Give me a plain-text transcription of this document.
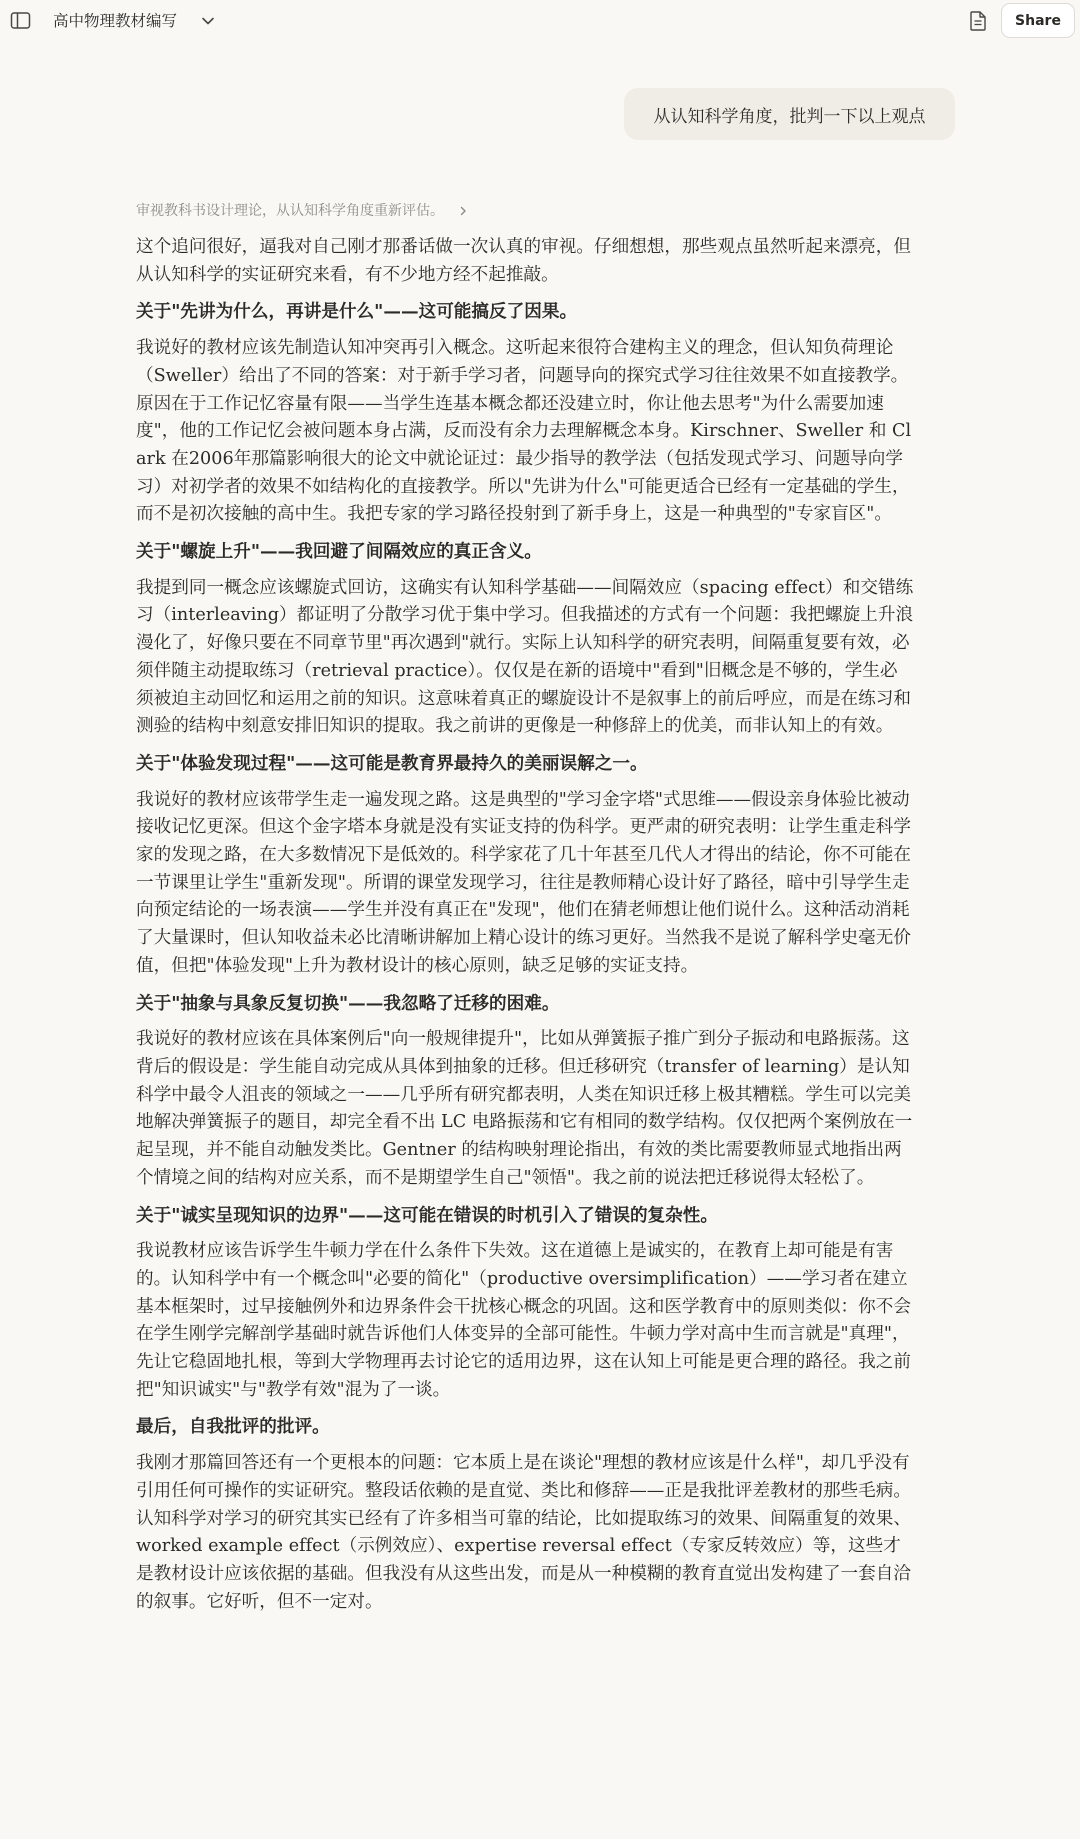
高中物理教材编写	Share
从认知科学角度，批判一下以上观点
审视教科书设计理论，从认知科学角度重新评估。

这个追问很好，逼我对自己刚才那番话做一次认真的审视。仔细想想，那些观点虽然听起来漂亮，但从认知科学的实证研究来看，有不少地方经不起推敲。

关于"先讲为什么，再讲是什么"——这可能搞反了因果。

我说好的教材应该先制造认知冲突再引入概念。这听起来很符合建构主义的理念，但认知负荷理论（Sweller）给出了不同的答案：对于新手学习者，问题导向的探究式学习往往效果不如直接教学。原因在于工作记忆容量有限——当学生连基本概念都还没建立时，你让他去思考"为什么需要加速度"，他的工作记忆会被问题本身占满，反而没有余力去理解概念本身。Kirschner、Sweller 和 Clark 在2006年那篇影响很大的论文中就论证过：最少指导的教学法（包括发现式学习、问题导向学习）对初学者的效果不如结构化的直接教学。所以"先讲为什么"可能更适合已经有一定基础的学生，而不是初次接触的高中生。我把专家的学习路径投射到了新手身上，这是一种典型的"专家盲区"。

关于"螺旋上升"——我回避了间隔效应的真正含义。

我提到同一概念应该螺旋式回访，这确实有认知科学基础——间隔效应（spacing effect）和交错练习（interleaving）都证明了分散学习优于集中学习。但我描述的方式有一个问题：我把螺旋上升浪漫化了，好像只要在不同章节里"再次遇到"就行。实际上认知科学的研究表明，间隔重复要有效，必须伴随主动提取练习（retrieval practice）。仅仅是在新的语境中"看到"旧概念是不够的，学生必须被迫主动回忆和运用之前的知识。这意味着真正的螺旋设计不是叙事上的前后呼应，而是在练习和测验的结构中刻意安排旧知识的提取。我之前讲的更像是一种修辞上的优美，而非认知上的有效。

关于"体验发现过程"——这可能是教育界最持久的美丽误解之一。

我说好的教材应该带学生走一遍发现之路。这是典型的"学习金字塔"式思维——假设亲身体验比被动接收记忆更深。但这个金字塔本身就是没有实证支持的伪科学。更严肃的研究表明：让学生重走科学家的发现之路，在大多数情况下是低效的。科学家花了几十年甚至几代人才得出的结论，你不可能在一节课里让学生"重新发现"。所谓的课堂发现学习，往往是教师精心设计好了路径，暗中引导学生走向预定结论的一场表演——学生并没有真正在"发现"，他们在猜老师想让他们说什么。这种活动消耗了大量课时，但认知收益未必比清晰讲解加上精心设计的练习更好。当然我不是说了解科学史毫无价值，但把"体验发现"上升为教材设计的核心原则，缺乏足够的实证支持。

关于"抽象与具象反复切换"——我忽略了迁移的困难。

我说好的教材应该在具体案例后"向一般规律提升"，比如从弹簧振子推广到分子振动和电路振荡。这背后的假设是：学生能自动完成从具体到抽象的迁移。但迁移研究（transfer of learning）是认知科学中最令人沮丧的领域之一——几乎所有研究都表明，人类在知识迁移上极其糟糕。学生可以完美地解决弹簧振子的题目，却完全看不出 LC 电路振荡和它有相同的数学结构。仅仅把两个案例放在一起呈现，并不能自动触发类比。Gentner 的结构映射理论指出，有效的类比需要教师显式地指出两个情境之间的结构对应关系，而不是期望学生自己"领悟"。我之前的说法把迁移说得太轻松了。

关于"诚实呈现知识的边界"——这可能在错误的时机引入了错误的复杂性。

我说教材应该告诉学生牛顿力学在什么条件下失效。这在道德上是诚实的，在教育上却可能是有害的。认知科学中有一个概念叫"必要的简化"（productive oversimplification）——学习者在建立基本框架时，过早接触例外和边界条件会干扰核心概念的巩固。这和医学教育中的原则类似：你不会在学生刚学完解剖学基础时就告诉他们人体变异的全部可能性。牛顿力学对高中生而言就是"真理"，先让它稳固地扎根，等到大学物理再去讨论它的适用边界，这在认知上可能是更合理的路径。我之前把"知识诚实"与"教学有效"混为了一谈。

最后，自我批评的批评。

我刚才那篇回答还有一个更根本的问题：它本质上是在谈论"理想的教材应该是什么样"，却几乎没有引用任何可操作的实证研究。整段话依赖的是直觉、类比和修辞——正是我批评差教材的那些毛病。认知科学对学习的研究其实已经有了许多相当可靠的结论，比如提取练习的效果、间隔重复的效果、worked example effect（示例效应）、expertise reversal effect（专家反转效应）等，这些才是教材设计应该依据的基础。但我没有从这些出发，而是从一种模糊的教育直觉出发构建了一套自洽的叙事。它好听，但不一定对。
